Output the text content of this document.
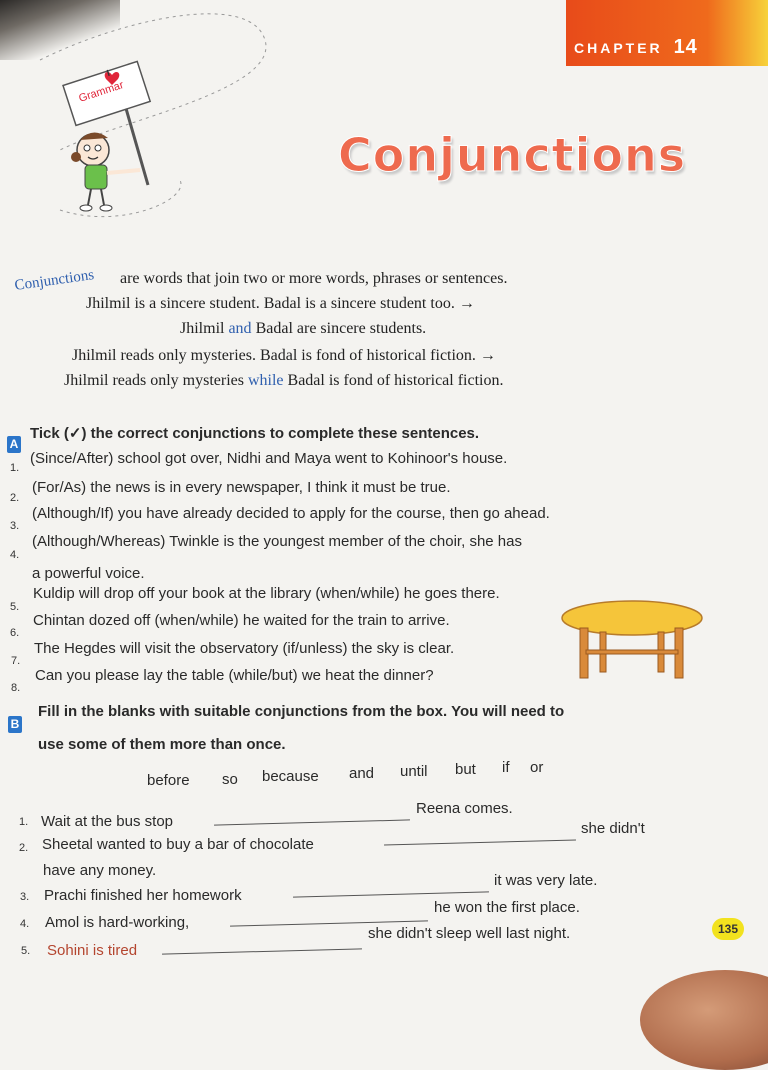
CHAPTER 14
I
Grammar
Conjunctions
Conjunctions are words that join two or more words, phrases or sentences.
Jhilmil is a sincere student. Badal is a sincere student too. →
Jhilmil and Badal are sincere students.
Jhilmil reads only mysteries. Badal is fond of historical fiction. →
Jhilmil reads only mysteries while Badal is fond of historical fiction.
A
Tick (✓) the correct conjunctions to complete these sentences.
1.
(Since/After) school got over, Nidhi and Maya went to Kohinoor's house.
2.
(For/As) the news is in every newspaper, I think it must be true.
3.
(Although/If) you have already decided to apply for the course, then go ahead.
4.
(Although/Whereas) Twinkle is the youngest member of the choir, she has
a powerful voice.
5.
Kuldip will drop off your book at the library (when/while) he goes there.
6.
Chintan dozed off (when/while) he waited for the train to arrive.
7.
The Hegdes will visit the observatory (if/unless) the sky is clear.
8.
Can you please lay the table (while/but) we heat the dinner?
B
Fill in the blanks with suitable conjunctions from the box. You will need to
use some of them more than once.
before so because and until but if or
1. Wait at the bus stop
Reena comes.
2. Sheetal wanted to buy a bar of chocolate
she didn't
have any money.
3. Prachi finished her homework
it was very late.
4. Amol is hard-working,
he won the first place.
5. Sohini is tired
she didn't sleep well last night.	135
